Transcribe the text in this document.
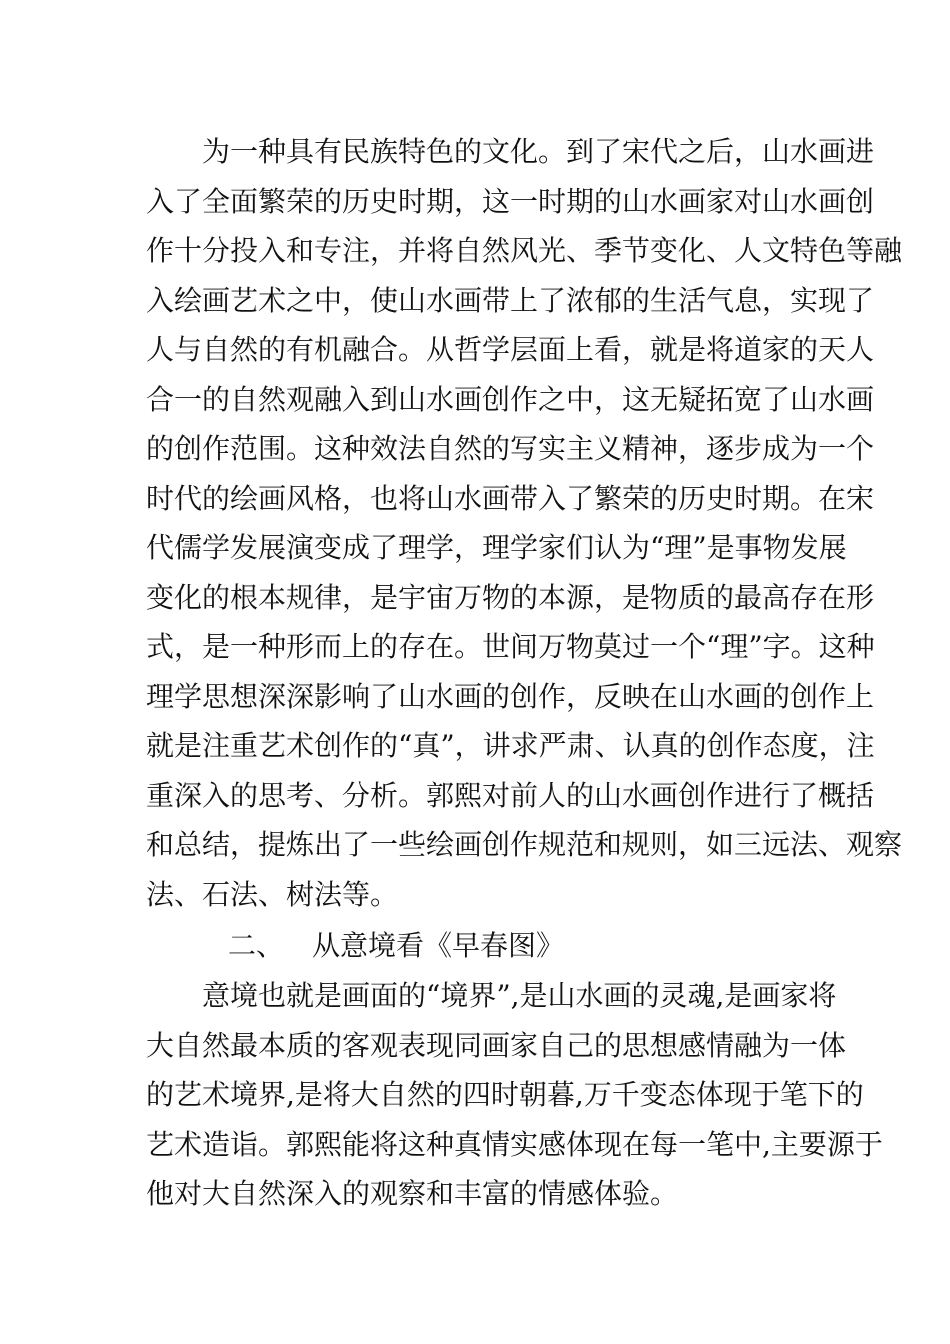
为一种具有民族特色的文化。到了宋代之后，山水画进
入了全面繁荣的历史时期，这一时期的山水画家对山水画创
作十分投入和专注，并将自然风光、季节变化、人文特色等融
入绘画艺术之中，使山水画带上了浓郁的生活气息，实现了
人与自然的有机融合。从哲学层面上看，就是将道家的天人
合一的自然观融入到山水画创作之中，这无疑拓宽了山水画
的创作范围。这种效法自然的写实主义精神，逐步成为一个
时代的绘画风格，也将山水画带入了繁荣的历史时期。在宋
代儒学发展演变成了理学，理学家们认为“理”是事物发展
变化的根本规律，是宇宙万物的本源，是物质的最高存在形
式，是一种形而上的存在。世间万物莫过一个“理”字。这种
理学思想深深影响了山水画的创作，反映在山水画的创作上
就是注重艺术创作的“真”，讲求严肃、认真的创作态度，注
重深入的思考、分析。郭熙对前人的山水画创作进行了概括
和总结，提炼出了一些绘画创作规范和规则，如三远法、观察
法、石法、树法等。
二、 从意境看《早春图》
意境也就是画面的“境界”,是山水画的灵魂,是画家将
大自然最本质的客观表现同画家自己的思想感情融为一体
的艺术境界,是将大自然的四时朝暮,万千变态体现于笔下的
艺术造诣。郭熙能将这种真情实感体现在每一笔中,主要源于
他对大自然深入的观察和丰富的情感体验。
